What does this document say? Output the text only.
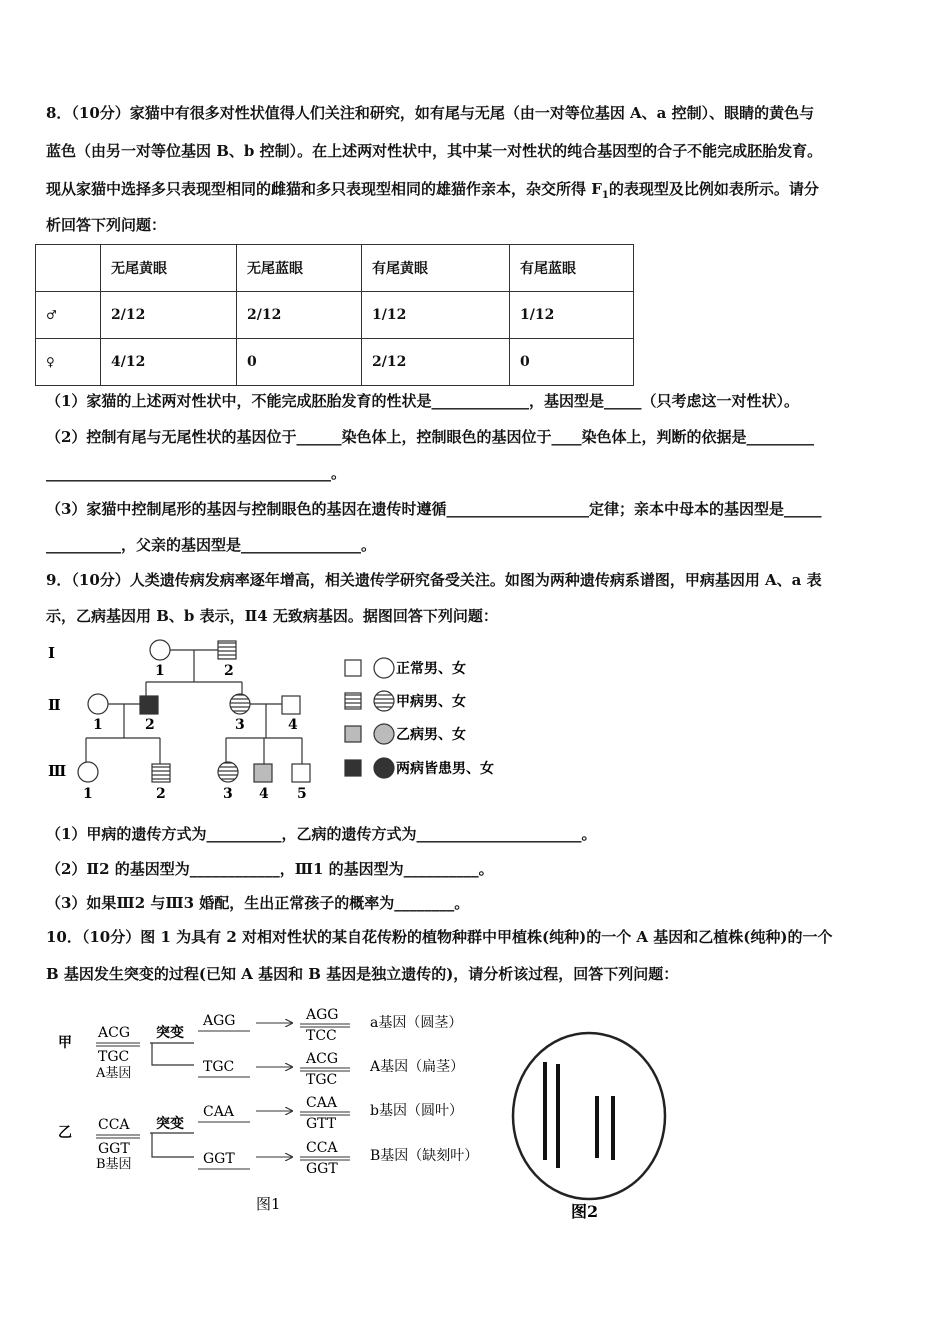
8．（10分）家猫中有很多对性状值得人们关注和研究，如有尾与无尾（由一对等位基因 A、a 控制）、眼睛的黄色与
蓝色（由另一对等位基因 B、b 控制）。在上述两对性状中，其中某一对性状的纯合基因型的合子不能完成胚胎发育。
现从家猫中选择多只表现型相同的雌猫和多只表现型相同的雄猫作亲本，杂交所得 $F_1$的表现型及比例如表所示。请分
析回答下列问题：
	无尾黄眼	无尾蓝眼	有尾黄眼	有尾蓝眼
♂	2/12	2/12	1/12	1/12
♀	4/12	0	2/12	0
（1）家猫的上述两对性状中，不能完成胚胎发育的性状是_____________，基因型是_____（只考虑这一对性状）。
（2）控制有尾与无尾性状的基因位于______染色体上，控制眼色的基因位于____染色体上，判断的依据是_________
______________________________________。
（3）家猫中控制尾形的基因与控制眼色的基因在遗传时遵循___________________定律；亲本中母本的基因型是_____
__________，父亲的基因型是________________。
9．（10分）人类遗传病发病率逐年增高，相关遗传学研究备受关注。如图为两种遗传病系谱图，甲病基因用 A、a 表
示，乙病基因用 B、b 表示，Ⅱ4 无致病基因。据图回答下列问题：
Ⅰ
Ⅱ
Ⅲ
1	2
1	2	3	4
1	2	3 4 5
正常男、女
甲病男、女
乙病男、女
两病皆患男、女
（1）甲病的遗传方式为__________，乙病的遗传方式为______________________。
（2）Ⅱ2 的基因型为____________，Ⅲ1 的基因型为__________。
（3）如果Ⅲ2 与Ⅲ3 婚配，生出正常孩子的概率为________。
10．（10分）图 1 为具有 2 对相对性状的某自花传粉的植物种群中甲植株(纯种)的一个 A 基因和乙植株(纯种)的一个
B 基因发生突变的过程(已知 A 基因和 B 基因是独立遗传的)，请分析该过程，回答下列问题：
甲
乙
ACG
TGC
A基因
CCA
GGT
B基因
突变
突变
AGG
TGC
CAA
GGT
AGG
TCC
ACG
TGC
CAA
GTT
CCA
GGT
a基因（圆茎）
A基因（扁茎）
b基因（圆叶）
B基因（缺刻叶）
图1	图2
